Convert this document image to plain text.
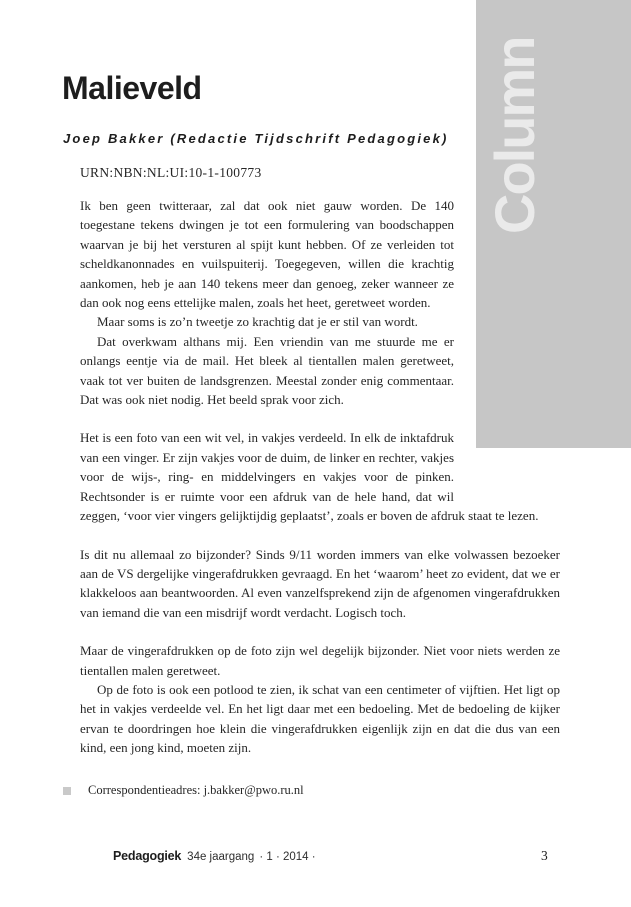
Column
Malieveld
Joep Bakker (Redactie Tijdschrift Pedagogiek)
URN:NBN:NL:UI:10-1-100773

Ik ben geen twitteraar, zal dat ook niet gauw worden. De 140 toegestane tekens dwingen je tot een formulering van boodschappen waarvan je bij het versturen al spijt kunt hebben. Of ze verleiden tot scheldkanonnades en vuilspuiterij. Toegegeven, willen die krachtig aankomen, heb je aan 140 tekens meer dan genoeg, zeker wanneer ze dan ook nog eens ettelijke malen, zoals het heet, geretweet worden.

Maar soms is zo’n tweetje zo krachtig dat je er stil van wordt.

Dat overkwam althans mij. Een vriendin van me stuurde me er onlangs eentje via de mail. Het bleek al tientallen malen geretweet, vaak tot ver buiten de landsgrenzen. Meestal zonder enig commentaar. Dat was ook niet nodig. Het beeld sprak voor zich.

Het is een foto van een wit vel, in vakjes verdeeld. In elk de inktafdruk van een vinger. Er zijn vakjes voor de duim, de linker en rechter, vakjes voor de wijs-, ring- en middelvingers en vakjes voor de pinken. Rechtsonder is er ruimte voor een afdruk van de hele hand, dat wil zeggen, ‘voor vier vingers gelijktijdig geplaatst’, zoals er boven de afdruk staat te lezen.

Is dit nu allemaal zo bijzonder? Sinds 9/11 worden immers van elke volwassen bezoeker aan de VS dergelijke vingerafdrukken gevraagd. En het ‘waarom’ heet zo evident, dat we er klakkeloos aan beantwoorden. Al even vanzelfsprekend zijn de afgenomen vingerafdrukken van iemand die van een misdrijf wordt verdacht. Logisch toch.

Maar de vingerafdrukken op de foto zijn wel degelijk bijzonder. Niet voor niets werden ze tientallen malen geretweet.

Op de foto is ook een potlood te zien, ik schat van een centimeter of vijftien. Het ligt op het in vakjes verdeelde vel. En het ligt daar met een bedoeling. Met de bedoeling de kijker ervan te doordringen hoe klein die vingerafdrukken eigenlijk zijn en dat die dus van een kind, een jong kind, moeten zijn.

Correspondentieadres: j.bakker@pwo.ru.nl
Pedagogiek 34e jaargang · 1 · 2014 ·	3
